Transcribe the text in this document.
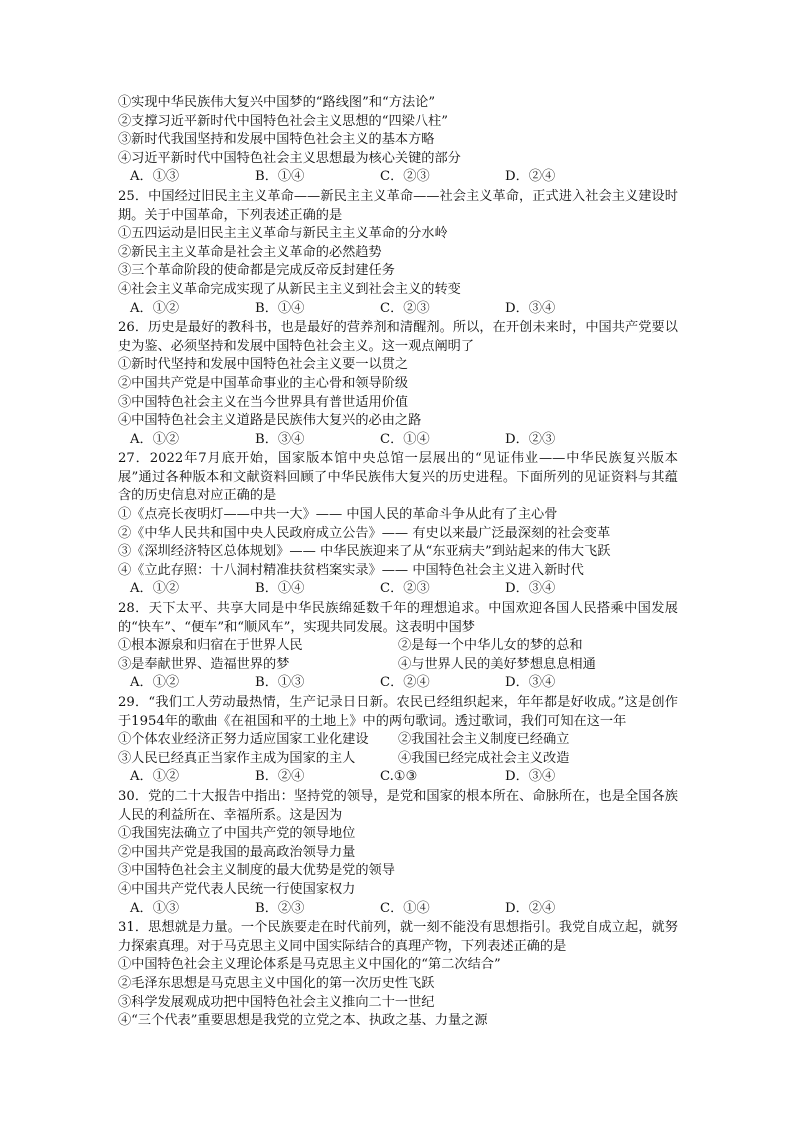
①实现中华民族伟大复兴中国梦的“路线图”和“方法论”
②支撑习近平新时代中国特色社会主义思想的“四梁八柱”
③新时代我国坚持和发展中国特色社会主义的基本方略
④习近平新时代中国特色社会主义思想最为核心关键的部分
A．①③	B．①④	C．②③	D．②④
25．中国经过旧民主主义革命——新民主主义革命——社会主义革命，正式进入社会主义建设时期。关于中国革命，下列表述正确的是
①五四运动是旧民主主义革命与新民主主义革命的分水岭
②新民主主义革命是社会主义革命的必然趋势
③三个革命阶段的使命都是完成反帝反封建任务
④社会主义革命完成实现了从新民主主义到社会主义的转变
A．①②	B．①④	C．②③	D．③④
26．历史是最好的教科书，也是最好的营养剂和清醒剂。所以，在开创未来时，中国共产党要以史为鉴、必须坚持和发展中国特色社会主义。这一观点阐明了
①新时代坚持和发展中国特色社会主义要一以贯之
②中国共产党是中国革命事业的主心骨和领导阶级
③中国特色社会主义在当今世界具有普世适用价值
④中国特色社会主义道路是民族伟大复兴的必由之路
A．①②	B．③④	C．①④	D．②③
27．2022年7月底开始，国家版本馆中央总馆一层展出的“见证伟业——中华民族复兴版本展”通过各种版本和文献资料回顾了中华民族伟大复兴的历史进程。下面所列的见证资料与其蕴含的历史信息对应正确的是
①《点亮长夜明灯——中共一大》—— 中国人民的革命斗争从此有了主心骨
②《中华人民共和国中央人民政府成立公告》—— 有史以来最广泛最深刻的社会变革
③《深圳经济特区总体规划》—— 中华民族迎来了从“东亚病夫”到站起来的伟大飞跃
④《立此存照：十八洞村精准扶贫档案实录》—— 中国特色社会主义进入新时代
A．①②	B．①④	C．②③	D．③④
28．天下太平、共享大同是中华民族绵延数千年的理想追求。中国欢迎各国人民搭乘中国发展的“快车”、“便车”和“顺风车”，实现共同发展。这表明中国梦
①根本源泉和归宿在于世界人民	②是每一个中华儿女的梦的总和
③是奉献世界、造福世界的梦	④与世界人民的美好梦想息息相通
A．①②	B．①③	C．②④	D．③④
29．“我们工人劳动最热情，生产记录日日新。农民已经组织起来，年年都是好收成。”这是创作于1954年的歌曲《在祖国和平的土地上》中的两句歌词。透过歌词，我们可知在这一年
①个体农业经济正努力适应国家工业化建设	②我国社会主义制度已经确立
③人民已经真正当家作主成为国家的主人	④我国已经完成社会主义改造
A．①②	B．②④	C.①③	D．③④
30．党的二十大报告中指出：坚持党的领导，是党和国家的根本所在、命脉所在，也是全国各族人民的利益所在、幸福所系。这是因为
①我国宪法确立了中国共产党的领导地位
②中国共产党是我国的最高政治领导力量
③中国特色社会主义制度的最大优势是党的领导
④中国共产党代表人民统一行使国家权力
A．①③	B．②③	C．①④	D．②④
31．思想就是力量。一个民族要走在时代前列，就一刻不能没有思想指引。我党自成立起，就努力探索真理。对于马克思主义同中国实际结合的真理产物，下列表述正确的是
①中国特色社会主义理论体系是马克思主义中国化的“第二次结合”
②毛泽东思想是马克思主义中国化的第一次历史性飞跃
③科学发展观成功把中国特色社会主义推向二十一世纪
④“三个代表”重要思想是我党的立党之本、执政之基、力量之源
